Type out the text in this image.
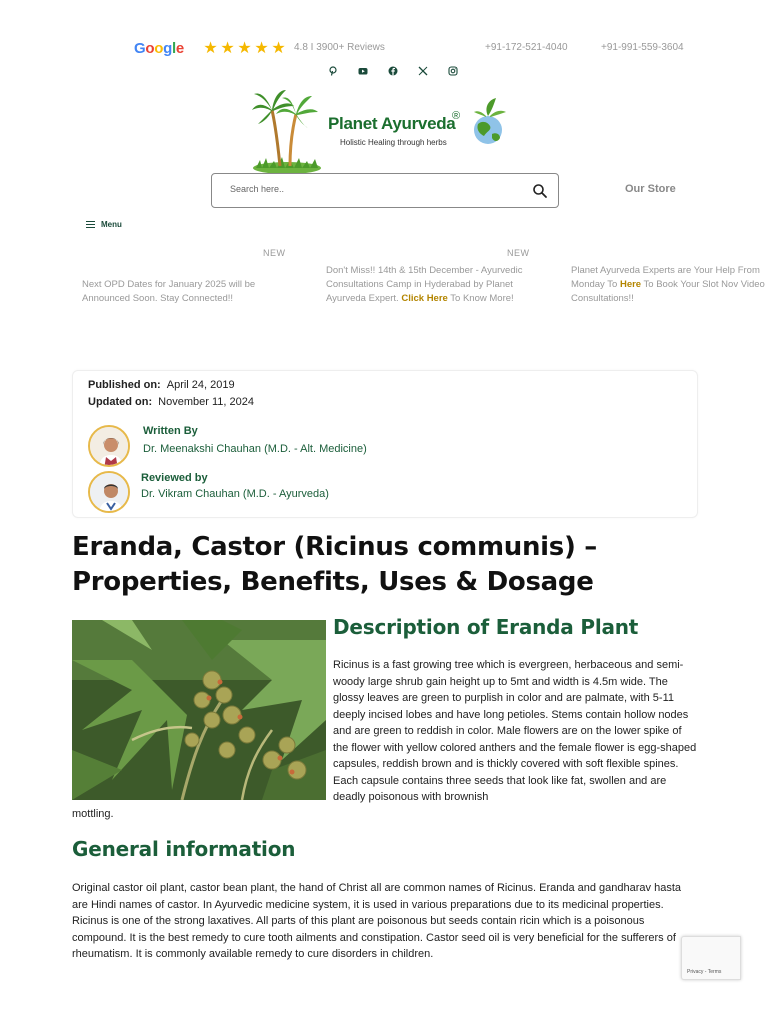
Google ★ ★ ★ ★ ★ 4.8 I 3900+ Reviews	+91-172-521-4040	+91-991-559-3604
Planet Ayurveda
®
Holistic Healing through herbs
Search here..
Our Store
Menu
NEW	NEW
Next OPD Dates for January 2025 will be Announced Soon. Stay Connected!!
Don't Miss!! 14th & 15th December - Ayurvedic Consultations Camp in Hyderabad by Planet Ayurveda Expert. Click Here To Know More!
Planet Ayurveda Experts are Your Help From Monday To Here To Book Your Slot Nov Video Consultations!!
Published on: April 24, 2019
Updated on: November 11, 2024
Written By
Dr. Meenakshi Chauhan (M.D. - Alt. Medicine)
Reviewed by
Dr. Vikram Chauhan (M.D. - Ayurveda)
Eranda, Castor (Ricinus communis) – Properties, Benefits, Uses & Dosage
Description of Eranda Plant

Ricinus is a fast growing tree which is evergreen, herbaceous and semi-woody large shrub gain height up to 5mt and width is 4.5m wide. The glossy leaves are green to purplish in color and are palmate, with 5-11 deeply incised lobes and have long petioles. Stems contain hollow nodes and are green to reddish in color. Male flowers are on the lower spike of the flower with yellow colored anthers and the female flower is egg-shaped capsules, reddish brown and is thickly covered with soft flexible spines. Each capsule contains three seeds that look like fat, swollen and are deadly poisonous with brownish

mottling.

General information

Original castor oil plant, castor bean plant, the hand of Christ all are common names of Ricinus. Eranda and gandharav hasta are Hindi names of castor. In Ayurvedic medicine system, it is used in various preparations due to its medicinal properties. Ricinus is one of the strong laxatives. All parts of this plant are poisonous but seeds contain ricin which is a poisonous compound. It is the best remedy to cure tooth ailments and constipation. Castor seed oil is very beneficial for the sufferers of rheumatism. It is commonly available remedy to cure disorders in children.

Privacy - Terms
